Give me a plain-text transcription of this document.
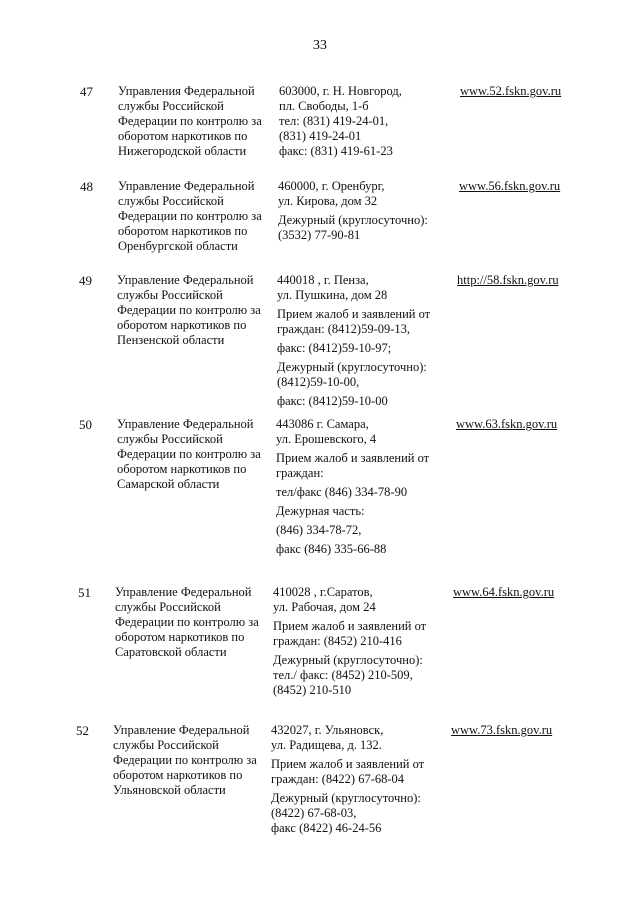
33
47 Управления Федеральной
службы Российской
Федерации по контролю за
оборотом наркотиков по
Нижегородской области
603000, г. Н. Новгород,
пл. Свободы, 1-б
тел: (831) 419-24-01,
(831) 419-24-01
факс: (831) 419-61-23
www.52.fskn.gov.ru
48 Управление Федеральной
службы Российской
Федерации по контролю за
оборотом наркотиков по
Оренбургской области
460000, г. Оренбург,
ул. Кирова, дом 32
Дежурный (круглосуточно):
(3532) 77-90-81
www.56.fskn.gov.ru
49 Управление Федеральной
службы Российской
Федерации по контролю за
оборотом наркотиков по
Пензенской области
440018 , г. Пенза,
ул. Пушкина, дом 28
Прием жалоб и заявлений от
граждан: (8412)59-09-13,
факс: (8412)59-10-97;
Дежурный (круглосуточно):
(8412)59-10-00,
факс: (8412)59-10-00
http://58.fskn.gov.ru
50 Управление Федеральной
службы Российской
Федерации по контролю за
оборотом наркотиков по
Самарской области
443086 г. Самара,
ул. Ерошевского, 4
Прием жалоб и заявлений от
граждан:
тел/факс (846) 334-78-90
Дежурная часть:
(846) 334-78-72,
факс (846) 335-66-88
www.63.fskn.gov.ru
51 Управление Федеральной
службы Российской
Федерации по контролю за
оборотом наркотиков по
Саратовской области
410028 , г.Саратов,
ул. Рабочая, дом 24
Прием жалоб и заявлений от
граждан: (8452) 210-416
Дежурный (круглосуточно):
тел./ факс: (8452) 210-509,
(8452) 210-510
www.64.fskn.gov.ru
52 Управление Федеральной
службы Российской
Федерации по контролю за
оборотом наркотиков по
Ульяновской области
432027, г. Ульяновск,
ул. Радищева, д. 132.
Прием жалоб и заявлений от
граждан: (8422) 67-68-04
Дежурный (круглосуточно):
(8422) 67-68-03,
факс (8422) 46-24-56
www.73.fskn.gov.ru
